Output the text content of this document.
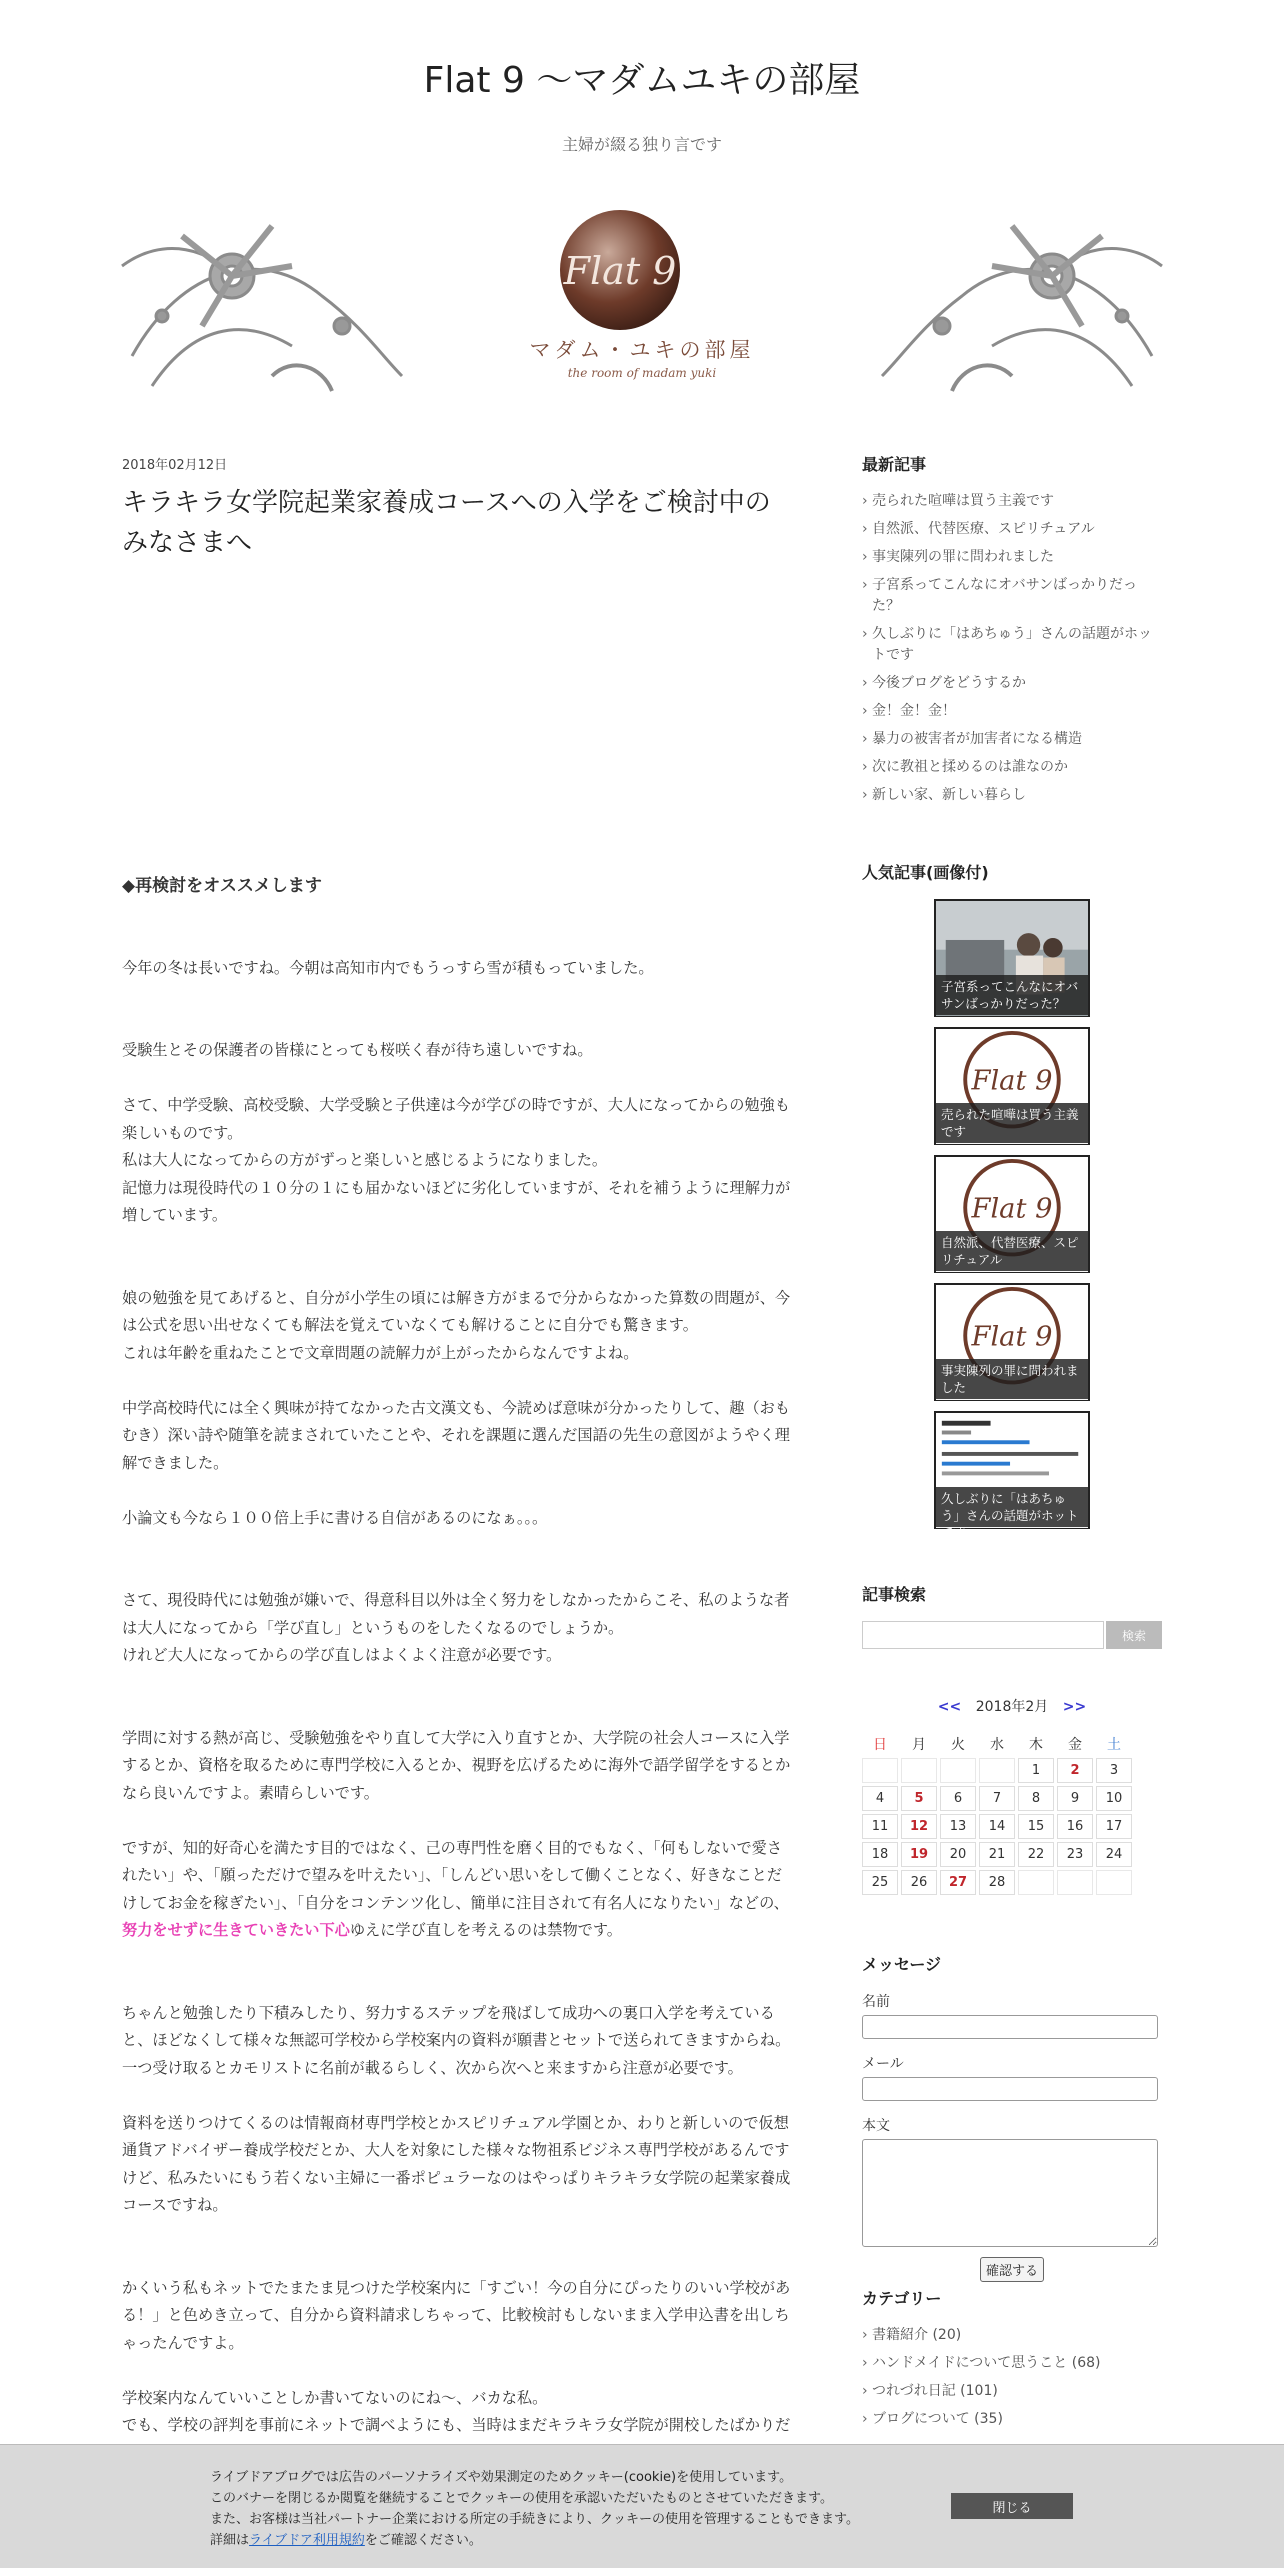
Flat 9 〜マダムユキの部屋
主婦が綴る独り言です
Flat 9
マダム・ユキの部屋
the room of madam yuki
2018年02月12日
キラキラ女学院起業家養成コースへの入学をご検討中のみなさまへ
◆再検討をオススメします

今年の冬は長いですね。今朝は高知市内でもうっすら雪が積もっていました。

受験生とその保護者の皆様にとっても桜咲く春が待ち遠しいですね。

さて、中学受験、高校受験、大学受験と子供達は今が学びの時ですが、大人になってからの勉強も楽しいものです。
私は大人になってからの方がずっと楽しいと感じるようになりました。
記憶力は現役時代の１０分の１にも届かないほどに劣化していますが、それを補うように理解力が増しています。

娘の勉強を見てあげると、自分が小学生の頃には解き方がまるで分からなかった算数の問題が、今は公式を思い出せなくても解法を覚えていなくても解けることに自分でも驚きます。
これは年齢を重ねたことで文章問題の読解力が上がったからなんですよね。

中学高校時代には全く興味が持てなかった古文漢文も、今読めば意味が分かったりして、趣（おもむき）深い詩や随筆を読まされていたことや、それを課題に選んだ国語の先生の意図がようやく理解できました。

小論文も今なら１００倍上手に書ける自信があるのになぁ。。。

さて、現役時代には勉強が嫌いで、得意科目以外は全く努力をしなかったからこそ、私のような者は大人になってから「学び直し」というものをしたくなるのでしょうか。
けれど大人になってからの学び直しはよくよく注意が必要です。

学問に対する熱が高じ、受験勉強をやり直して大学に入り直すとか、大学院の社会人コースに入学するとか、資格を取るために専門学校に入るとか、視野を広げるために海外で語学留学をするとかなら良いんですよ。素晴らしいです。

ですが、知的好奇心を満たす目的ではなく、己の専門性を磨く目的でもなく、「何もしないで愛されたい」や、「願っただけで望みを叶えたい」、「しんどい思いをして働くことなく、好きなことだけしてお金を稼ぎたい」、「自分をコンテンツ化し、簡単に注目されて有名人になりたい」などの、努力をせずに生きていきたい下心ゆえに学び直しを考えるのは禁物です。

ちゃんと勉強したり下積みしたり、努力するステップを飛ばして成功への裏口入学を考えていると、ほどなくして様々な無認可学校から学校案内の資料が願書とセットで送られてきますからね。
一つ受け取るとカモリストに名前が載るらしく、次から次へと来ますから注意が必要です。

資料を送りつけてくるのは情報商材専門学校とかスピリチュアル学園とか、わりと新しいので仮想通貨アドバイザー養成学校だとか、大人を対象にした様々な物祖系ビジネス専門学校があるんですけど、私みたいにもう若くない主婦に一番ポピュラーなのはやっぱりキラキラ女学院の起業家養成コースですね。

かくいう私もネットでたまたま見つけた学校案内に「すごい！今の自分にぴったりのいい学校がある！」と色めき立って、自分から資料請求しちゃって、比較検討もしないまま入学申込書を出しちゃったんですよ。

学校案内なんていいことしか書いてないのにね〜、バカな私。
でも、学校の評判を事前にネットで調べようにも、当時はまだキラキラ女学院が開校したばかりだ

最新記事
› 売られた喧嘩は買う主義です
› 自然派、代替医療、スピリチュアル
› 事実陳列の罪に問われました
› 子宮系ってこんなにオバサンばっかりだった？
› 久しぶりに「はあちゅう」さんの話題がホットです
› 今後ブログをどうするか
› 金！金！金！
› 暴力の被害者が加害者になる構造
› 次に教祖と揉めるのは誰なのか
› 新しい家、新しい暮らし
人気記事(画像付)
子宮系ってこんなにオバサンばっかりだった？
Flat 9
売られた喧嘩は買う主義です
Flat 9
自然派、代替医療、スピリチュアル
Flat 9
事実陳列の罪に問われました
久しぶりに「はあちゅう」さんの話題がホットです
記事検索
検索
<< 2018年2月 >>
日	月	火	水	木	金	土
				1	2	3
4	5	6	7	8	9	10
11	12	13	14	15	16	17
18	19	20	21	22	23	24
25	26	27	28			
メッセージ
名前
メール
本文
確認する
カテゴリー
› 書籍紹介 (20)
› ハンドメイドについて思うこと (68)
› つれづれ日記 (101)
› ブログについて (35)
ライブドアブログでは広告のパーソナライズや効果測定のためクッキー(cookie)を使用しています。
このバナーを閉じるか閲覧を継続することでクッキーの使用を承認いただいたものとさせていただきます。
また、お客様は当社パートナー企業における所定の手続きにより、クッキーの使用を管理することもできます。
詳細はライブドア利用規約をご確認ください。
閉じる
